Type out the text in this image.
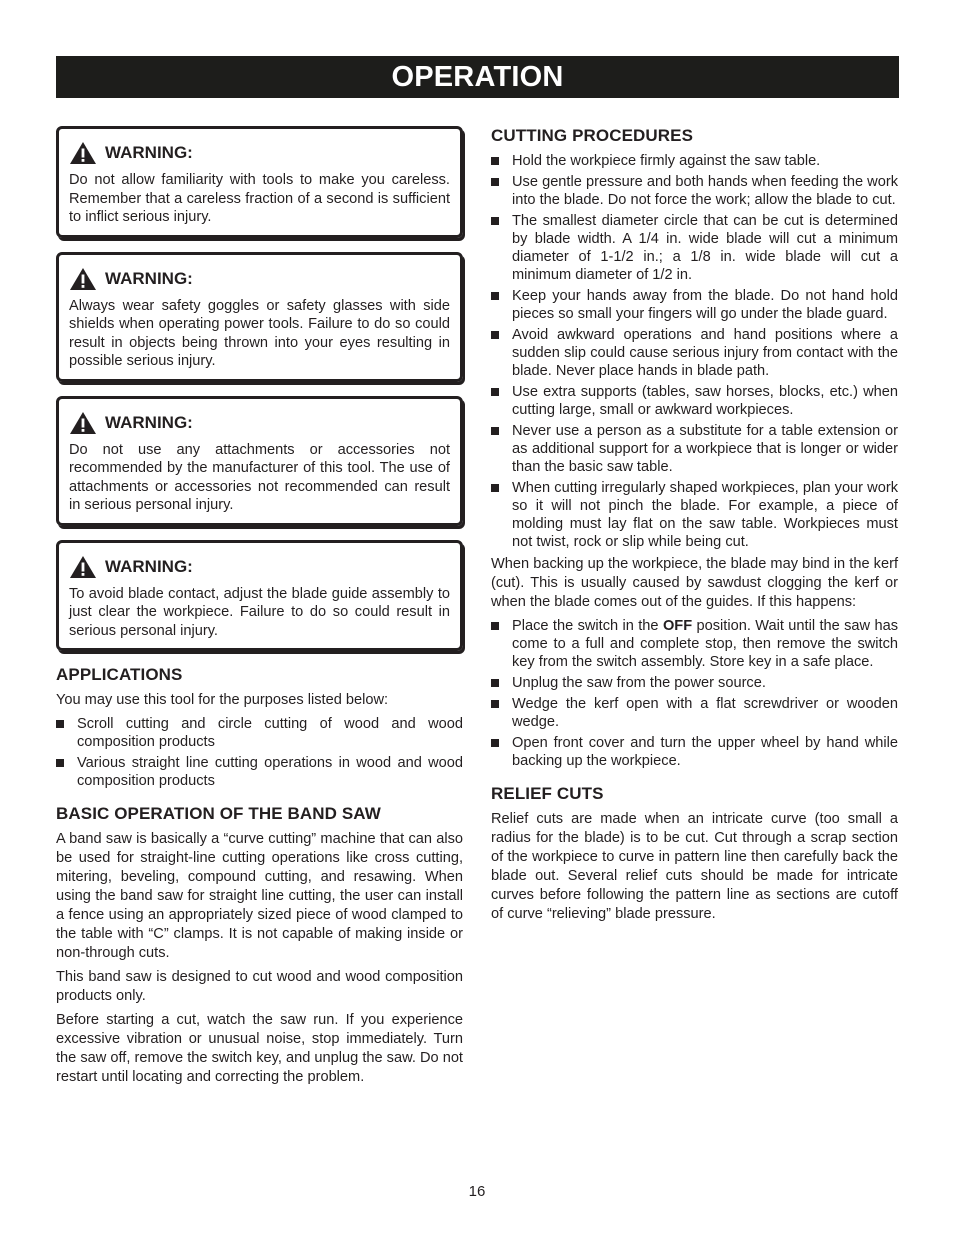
OPERATION
WARNING:
Do not allow familiarity with tools to make you careless. Remember that a careless fraction of a second is sufficient to inflict serious injury.
WARNING:
Always wear safety goggles or safety glasses with side shields when operating power tools. Failure to do so could result in objects being thrown into your eyes resulting in possible serious injury.
WARNING:
Do not use any attachments or accessories not recommended by the manufacturer of this tool. The use of attachments or accessories not recommended can result in serious personal injury.
WARNING:
To avoid blade contact, adjust the blade guide assembly to just clear the workpiece. Failure to do so could result in serious personal injury.
APPLICATIONS

You may use this tool for the purposes listed below:

Scroll cutting and circle cutting of wood and wood composition products
Various straight line cutting operations in wood and wood composition products
BASIC OPERATION OF THE BAND SAW

A band saw is basically a “curve cutting” machine that can also be used for straight-line cutting operations like cross cutting, mitering, beveling, compound cutting, and resawing. When using the band saw for straight line cutting, the user can install a fence using an appropriately sized piece of wood clamped to the table with “C” clamps. It is not capable of making inside or non-through cuts.

This band saw is designed to cut wood and wood composition products only.

Before starting a cut, watch the saw run. If you experience excessive vibration or unusual noise, stop immediately. Turn the saw off, remove the switch key, and unplug the saw. Do not restart until locating and correcting the problem.

CUTTING PROCEDURES
Hold the workpiece firmly against the saw table.
Use gentle pressure and both hands when feeding the work into the blade. Do not force the work; allow the blade to cut.
The smallest diameter circle that can be cut is determined by blade width. A 1/4 in. wide blade will cut a minimum diameter of 1-1/2 in.; a 1/8 in. wide blade will cut a minimum diameter of 1/2 in.
Keep your hands away from the blade. Do not hand hold pieces so small your fingers will go under the blade guard.
Avoid awkward operations and hand positions where a sudden slip could cause serious injury from contact with the blade. Never place hands in blade path.
Use extra supports (tables, saw horses, blocks, etc.) when cutting large, small or awkward workpieces.
Never use a person as a substitute for a table extension or as additional support for a workpiece that is longer or wider than the basic saw table.
When cutting irregularly shaped workpieces, plan your work so it will not pinch the blade. For example, a piece of molding must lay flat on the saw table. Workpieces must not twist, rock or slip while being cut.

When backing up the workpiece, the blade may bind in the kerf (cut). This is usually caused by sawdust clogging the kerf or when the blade comes out of the guides. If this happens:

Place the switch in the OFF position. Wait until the saw has come to a full and complete stop, then remove the switch key from the switch assembly. Store key in a safe place.
Unplug the saw from the power source.
Wedge the kerf open with a flat screwdriver or wooden wedge.
Open front cover and turn the upper wheel by hand while backing up the workpiece.
RELIEF CUTS

Relief cuts are made when an intricate curve (too small a radius for the blade) is to be cut. Cut through a scrap section of the workpiece to curve in pattern line then carefully back the blade out. Several relief cuts should be made for intricate curves before following the pattern line as sections are cutoff of curve “relieving” blade pressure.

16
